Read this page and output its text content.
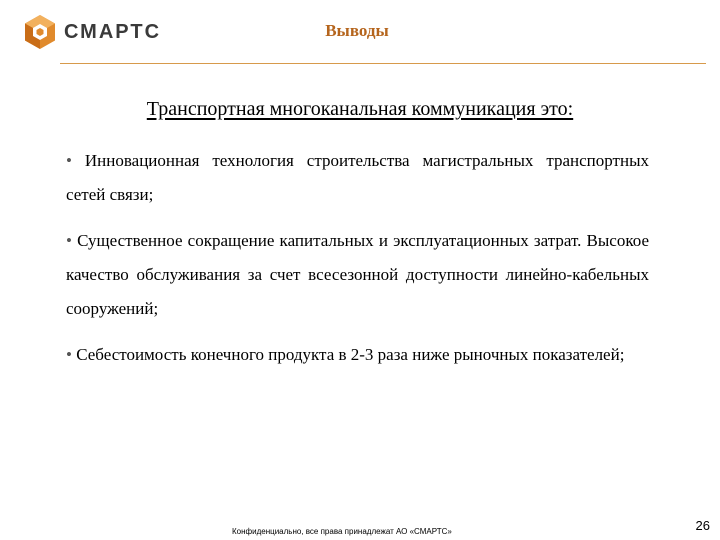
СМАРТС	Выводы
Транспортная многоканальная коммуникация это:

• Инновационная технология строительства магистральных транспортных сетей связи;

• Существенное сокращение капитальных и эксплуатационных затрат. Высокое качество обслуживания за счет всесезонной доступности линейно-кабельных сооружений;

• Себестоимость конечного продукта в 2-3 раза ниже рыночных показателей;

Конфиденциально, все права принадлежат АО «СМАРТС»	26
